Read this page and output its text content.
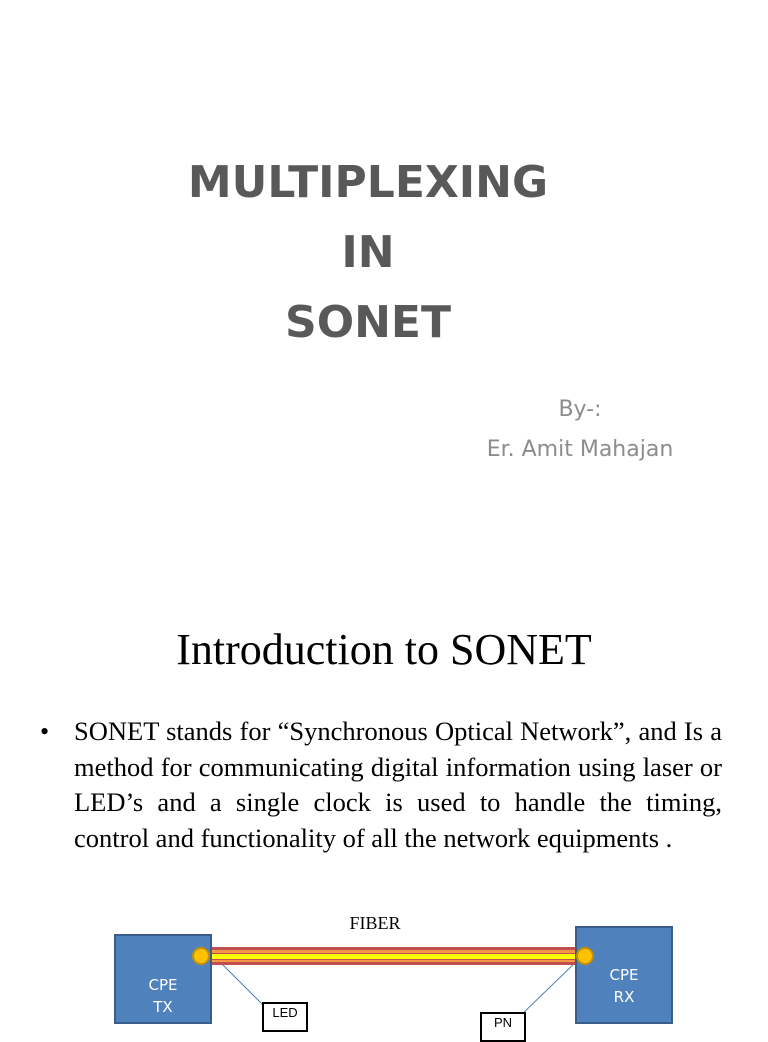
MULTIPLEXING
IN
SONET
By-:
Er. Amit Mahajan
Introduction to SONET
• SONET stands for “Synchronous Optical Network”, and Is a method for communicating digital information using laser or LED’s and a single clock is used to handle the timing, control and functionality of all the network equipments .
FIBER
CPE
TX
CPE
RX
LED
PN
